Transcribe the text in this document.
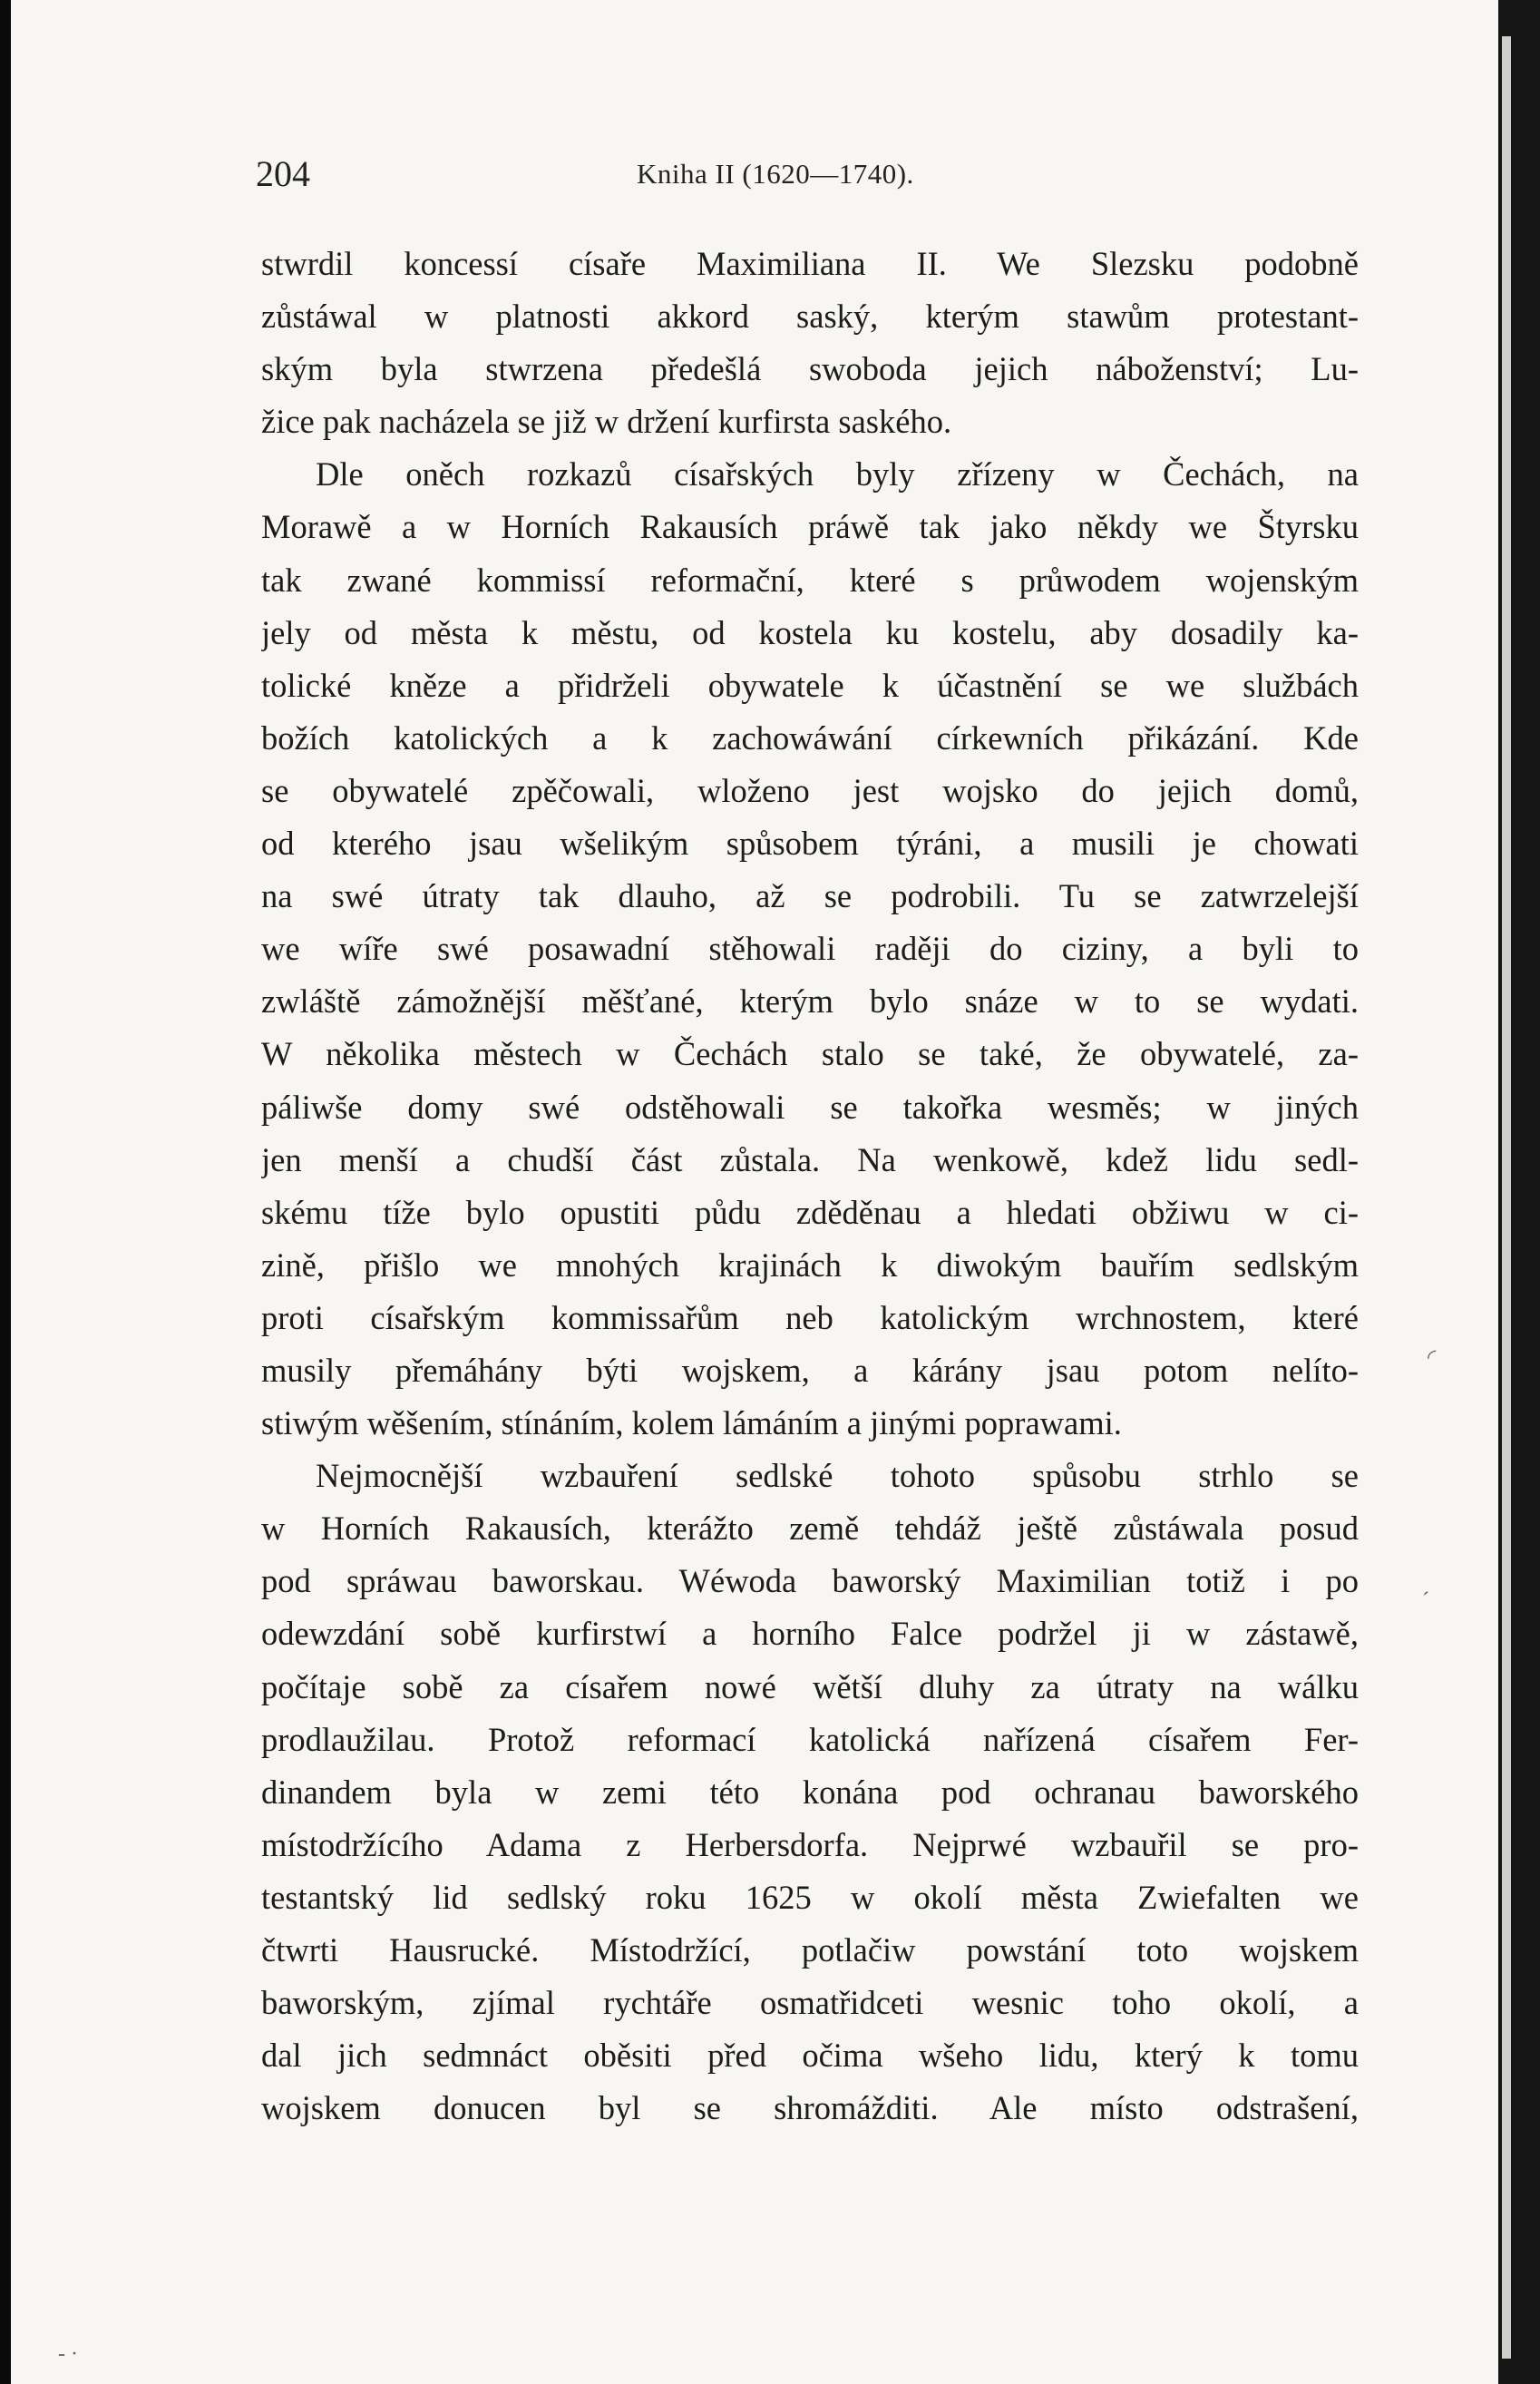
204	Kniha II (1620—1740).
stwrdil koncessí císaře Maximiliana II. We Slezsku podobně
zůstáwal w platnosti akkord saský, kterým stawům protestant-
ským byla stwrzena předešlá swoboda jejich náboženství; Lu-
žice pak nacházela se již w držení kurfirsta saského.
Dle oněch rozkazů císařských byly zřízeny w Čechách, na
Morawě a w Horních Rakausích práwě tak jako někdy we Štyrsku
tak zwané kommissí reformační, které s průwodem wojenským
jely od města k městu, od kostela ku kostelu, aby dosadily ka-
tolické kněze a přidrželi obywatele k účastnění se we službách
božích katolických a k zachowáwání církewních přikázání. Kde
se obywatelé zpěčowali, wloženo jest wojsko do jejich domů,
od kterého jsau wšelikým spůsobem týráni, a musili je chowati
na swé útraty tak dlauho, až se podrobili. Tu se zatwrzelejší
we wíře swé posawadní stěhowali raději do ciziny, a byli to
zwláště zámožnější měšťané, kterým bylo snáze w to se wydati.
W několika městech w Čechách stalo se také, že obywatelé, za-
páliwše domy swé odstěhowali se takořka wesměs; w jiných
jen menší a chudší část zůstala. Na wenkowě, kdež lidu sedl-
skému tíže bylo opustiti půdu zděděnau a hledati obžiwu w ci-
zině, přišlo we mnohých krajinách k diwokým bauřím sedlským
proti císařským kommissařům neb katolickým wrchnostem, které
musily přemáhány býti wojskem, a kárány jsau potom nelíto-
stiwým wěšením, stínáním, kolem lámáním a jinými poprawami.
Nejmocnější wzbauření sedlské tohoto spůsobu strhlo se
w Horních Rakausích, kterážto země tehdáž ještě zůstáwala posud
pod spráwau baworskau. Wéwoda baworský Maximilian totiž i po
odewzdání sobě kurfirstwí a horního Falce podržel ji w zástawě,
počítaje sobě za císařem nowé wětší dluhy za útraty na wálku
prodlaužilau. Protož reformací katolická nařízená císařem Fer-
dinandem byla w zemi této konána pod ochranau baworského
místodržícího Adama z Herbersdorfa. Nejprwé wzbauřil se pro-
testantský lid sedlský roku 1625 w okolí města Zwiefalten we
čtwrti Hausrucké. Místodržící, potlačiw powstání toto wojskem
baworským, zjímal rychtáře osmatřidceti wesnic toho okolí, a
dal jich sedmnáct oběsiti před očima wšeho lidu, který k tomu
wojskem donucen byl se shromážditi. Ale místo odstrašení,
◜
´
- ·
